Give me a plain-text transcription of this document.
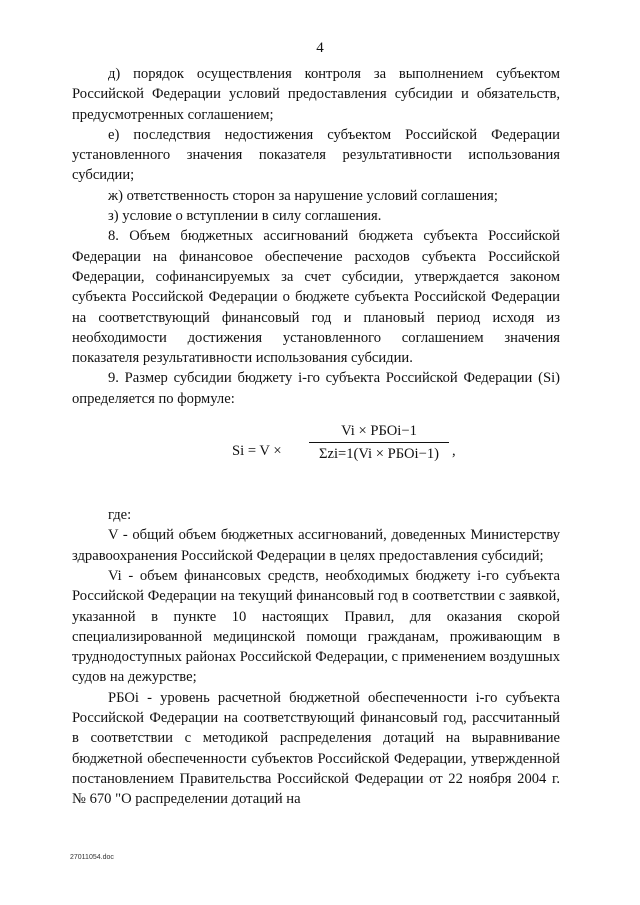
4

д) порядок осуществления контроля за выполнением субъектом Российской Федерации условий предоставления субсидии и обязательств, предусмотренных соглашением;

е) последствия недостижения субъектом Российской Федерации установленного значения показателя результативности использования субсидии;

ж) ответственность сторон за нарушение условий соглашения;

з) условие о вступлении в силу соглашения.

8. Объем бюджетных ассигнований бюджета субъекта Российской Федерации на финансовое обеспечение расходов субъекта Российской Федерации, софинансируемых за счет субсидии, утверждается законом субъекта Российской Федерации о бюджете субъекта Российской Федерации на соответствующий финансовый год и плановый период исходя из необходимости достижения установленного соглашением значения показателя результативности использования субсидии.

9. Размер субсидии бюджету i-го субъекта Российской Федерации (Si) определяется по формуле:

Si = V ×
Vi × РБОi−1
Σzi=1(Vi × РБОi−1) ,

где:

V - общий объем бюджетных ассигнований, доведенных Министерству здравоохранения Российской Федерации в целях предоставления субсидий;

Vi - объем финансовых средств, необходимых бюджету i-го субъекта Российской Федерации на текущий финансовый год в соответствии с заявкой, указанной в пункте 10 настоящих Правил, для оказания скорой специализированной медицинской помощи гражданам, проживающим в труднодоступных районах Российской Федерации, с применением воздушных судов на дежурстве;

РБОi - уровень расчетной бюджетной обеспеченности i-го субъекта Российской Федерации на соответствующий финансовый год, рассчитанный в соответствии с методикой распределения дотаций на выравнивание бюджетной обеспеченности субъектов Российской Федерации, утвержденной постановлением Правительства Российской Федерации от 22 ноября 2004 г. № 670 "О распределении дотаций на

27011054.doc
